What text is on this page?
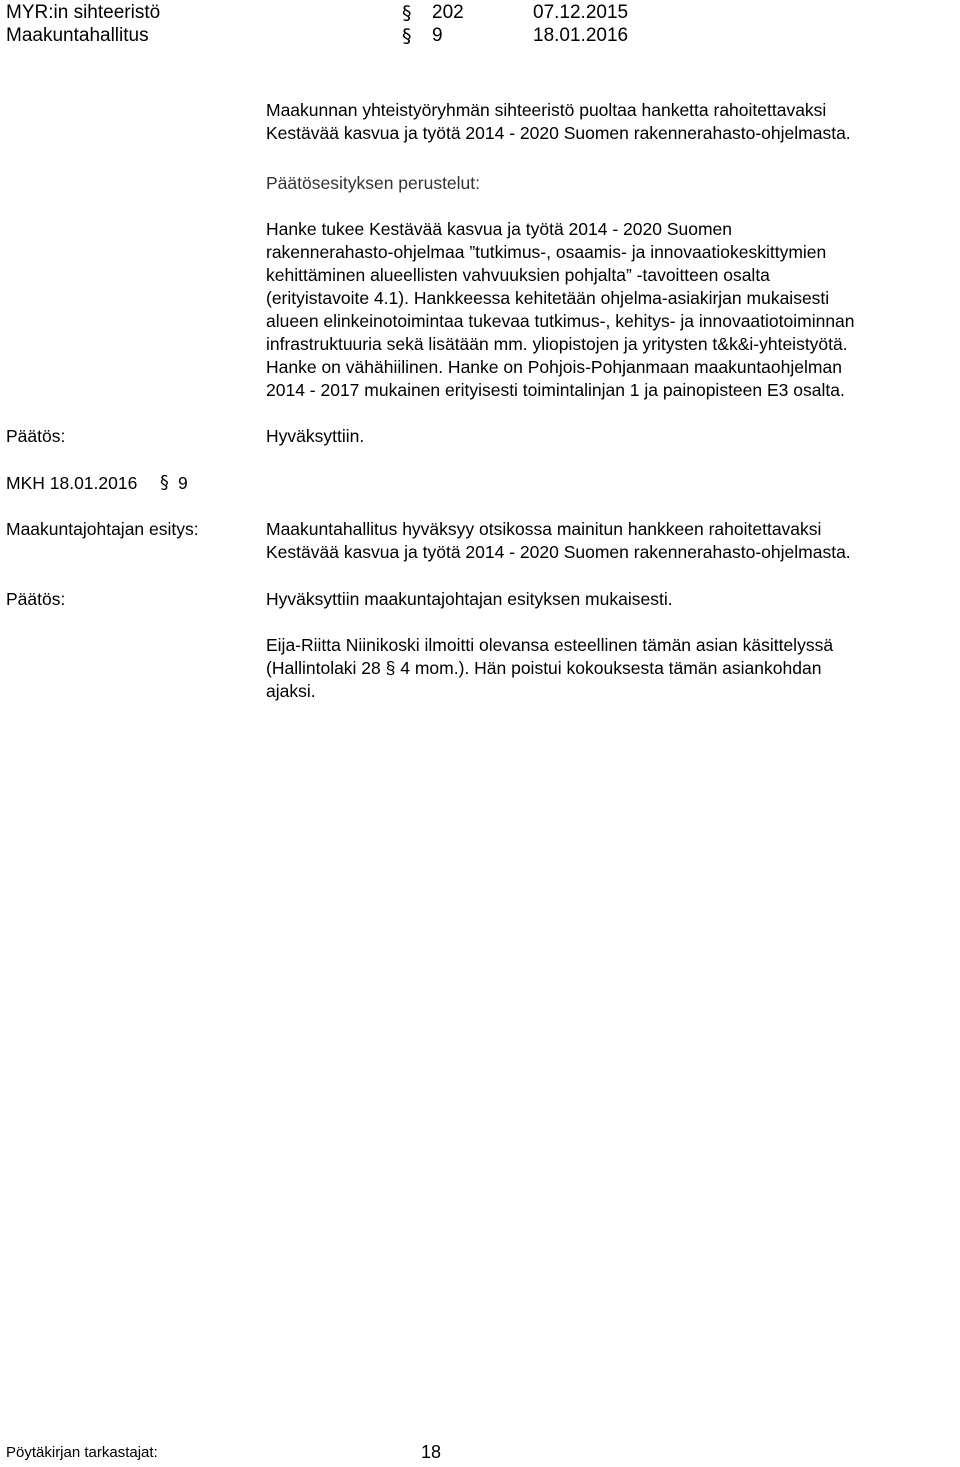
MYR:in sihteeristö	§ 202	07.12.2015
Maakuntahallitus	§ 9	18.01.2016
Maakunnan yhteistyöryhmän sihteeristö puoltaa hanketta rahoitettavaksi
Kestävää kasvua ja työtä 2014 - 2020 Suomen rakennerahasto-ohjelmasta.
Päätösesityksen perustelut:
Hanke tukee Kestävää kasvua ja työtä 2014 - 2020 Suomen
rakennerahasto-ohjelmaa ”tutkimus-, osaamis- ja innovaatiokeskittymien
kehittäminen alueellisten vahvuuksien pohjalta” -tavoitteen osalta
(erityistavoite 4.1). Hankkeessa kehitetään ohjelma-asiakirjan mukaisesti
alueen elinkeinotoimintaa tukevaa tutkimus-, kehitys- ja innovaatiotoiminnan
infrastruktuuria sekä lisätään mm. yliopistojen ja yritysten t&k&i-yhteistyötä.
Hanke on vähähiilinen. Hanke on Pohjois-Pohjanmaan maakuntaohjelman
2014 - 2017 mukainen erityisesti toimintalinjan 1 ja painopisteen E3 osalta.
Päätös:	Hyväksyttiin.
MKH 18.01.2016 § 9
Maakuntajohtajan esitys:	Maakuntahallitus hyväksyy otsikossa mainitun hankkeen rahoitettavaksi
Kestävää kasvua ja työtä 2014 - 2020 Suomen rakennerahasto-ohjelmasta.
Päätös:	Hyväksyttiin maakuntajohtajan esityksen mukaisesti.
Eija-Riitta Niinikoski ilmoitti olevansa esteellinen tämän asian käsittelyssä
(Hallintolaki 28 § 4 mom.). Hän poistui kokouksesta tämän asiankohdan
ajaksi.
Pöytäkirjan tarkastajat:	18
